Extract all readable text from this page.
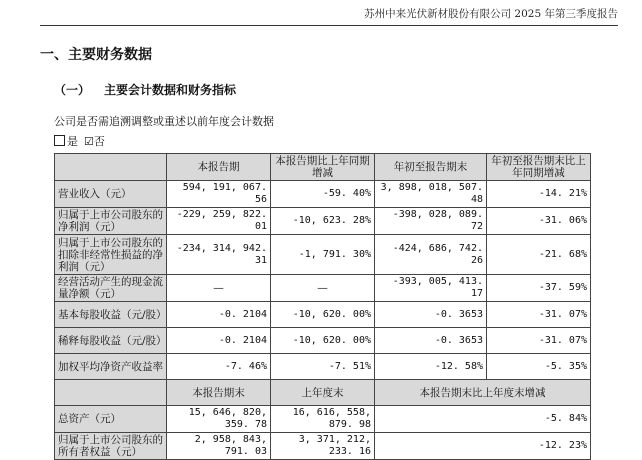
苏州中来光伏新材股份有限公司 2025 年第三季度报告
一、主要财务数据
（一） 主要会计数据和财务指标
公司是否需追溯调整或重述以前年度会计数据
是 ☑否
	本报告期	本报告期比上年同期增减	年初至报告期末	年初至报告期末比上年同期增减
营业收入（元）	594, 191, 067. 56	-59. 40%	3, 898, 018, 507. 48	-14. 21%
归属于上市公司股东的净利润（元）	-229, 259, 822. 01	-10, 623. 28%	-398, 028, 089. 72	-31. 06%
归属于上市公司股东的扣除非经常性损益的净利润（元）	-234, 314, 942. 31	-1, 791. 30%	-424, 686, 742. 26	-21. 68%
经营活动产生的现金流量净额（元）	—	—	-393, 005, 413. 17	-37. 59%
基本每股收益（元/股）	-0. 2104	-10, 620. 00%	-0. 3653	-31. 07%
稀释每股收益（元/股）	-0. 2104	-10, 620. 00%	-0. 3653	-31. 07%
加权平均净资产收益率	-7. 46%	-7. 51%	-12. 58%	-5. 35%
	本报告期末	上年度末	本报告期末比上年度末增减	
总资产（元）	15, 646, 820, 359. 78	16, 616, 558, 879. 98	-5. 84%	
归属于上市公司股东的所有者权益（元）	2, 958, 843, 791. 03	3, 371, 212, 233. 16	-12. 23%	
